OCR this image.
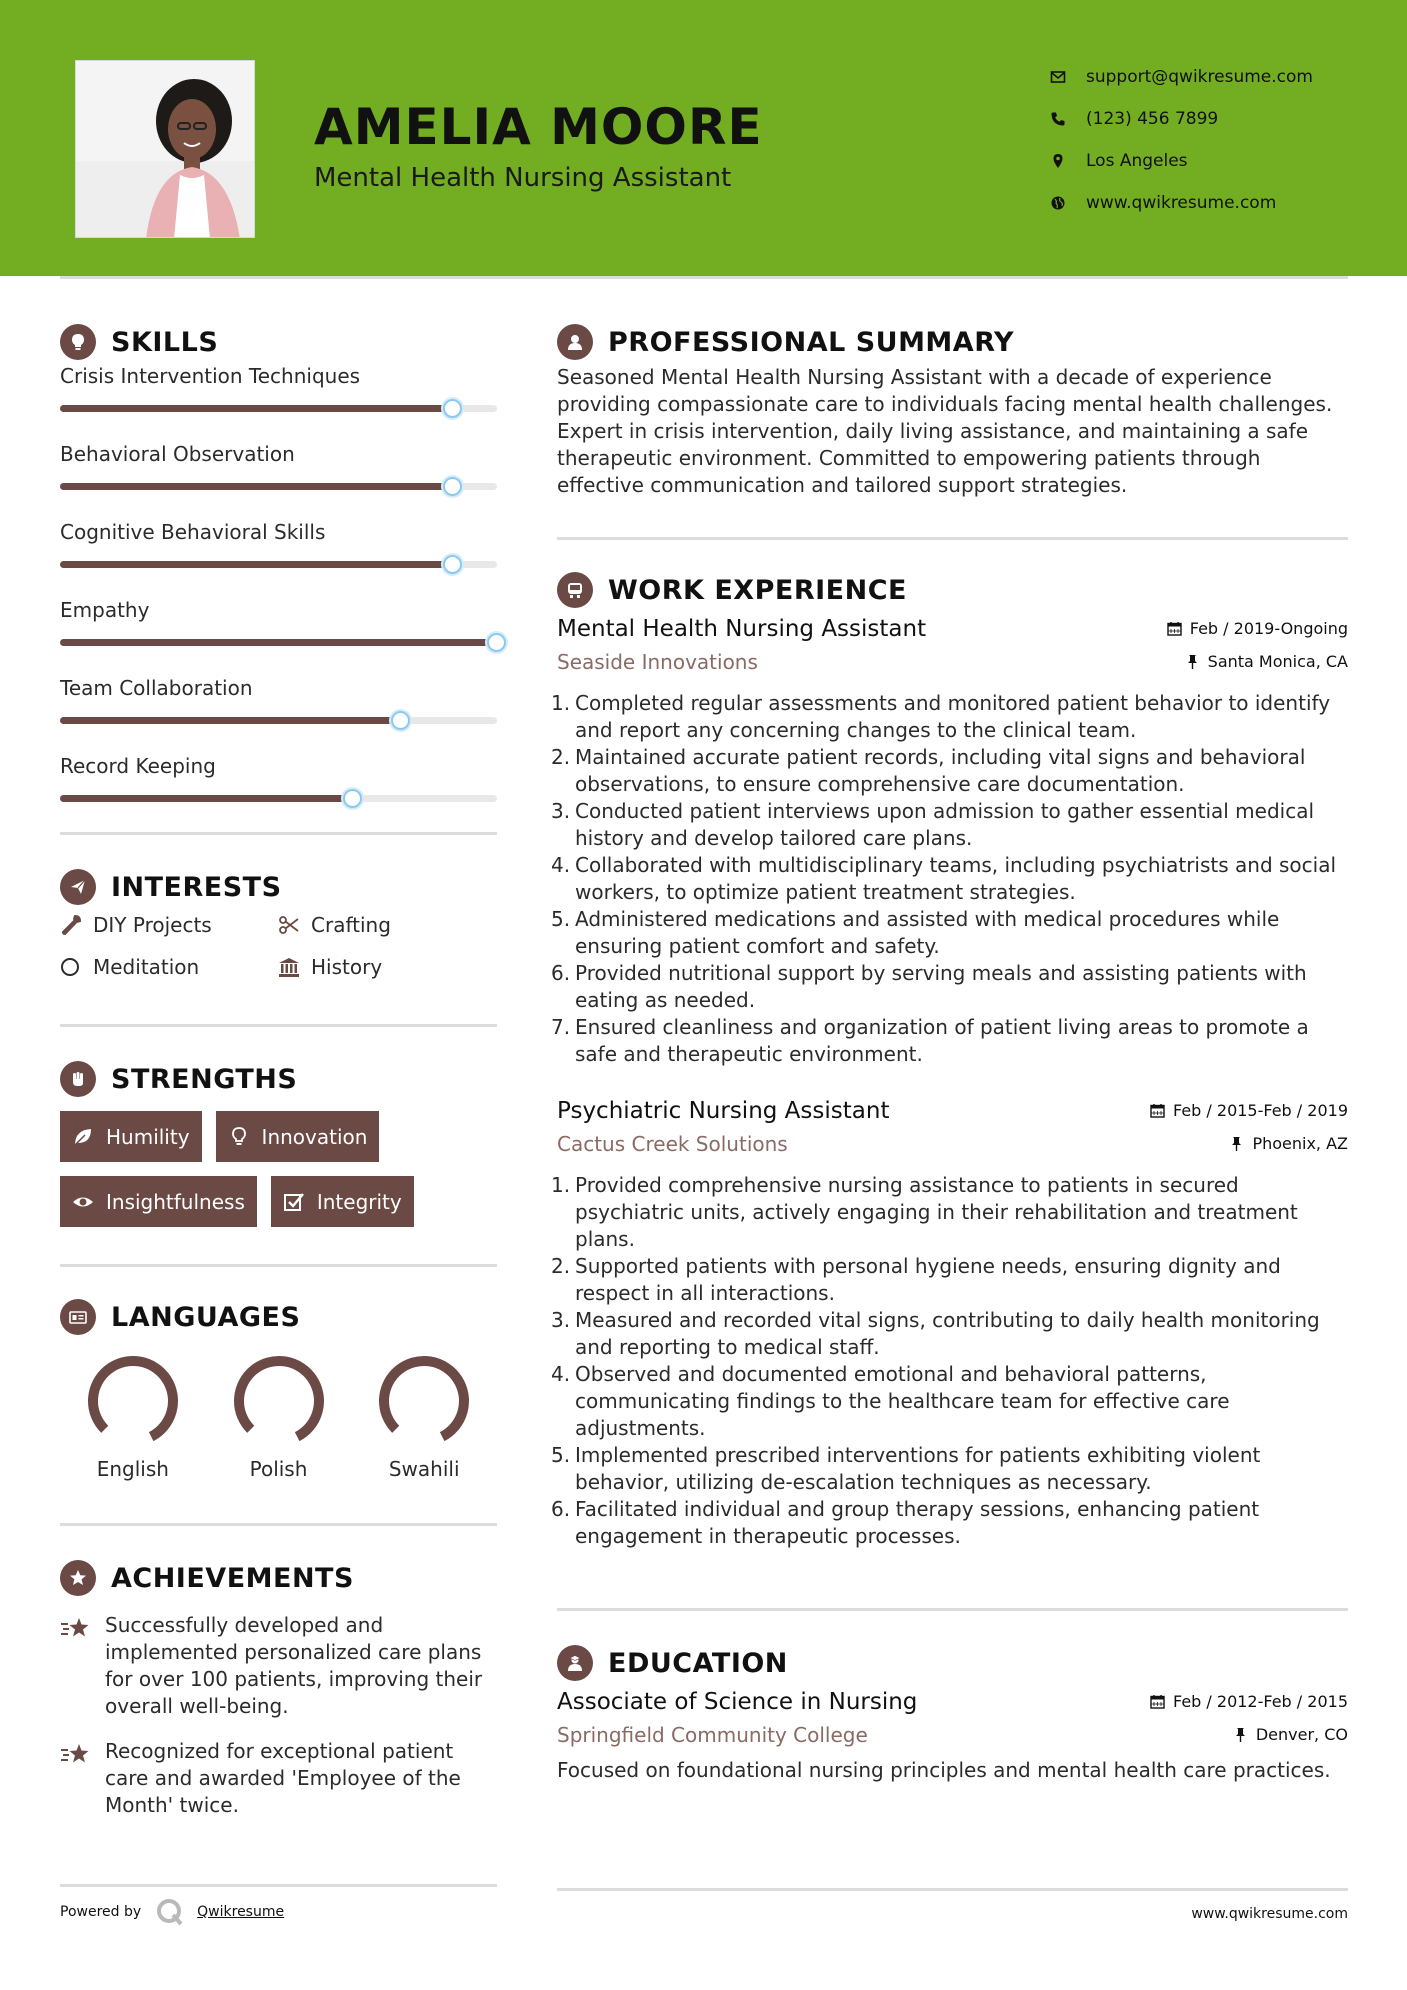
AMELIA MOORE
Mental Health Nursing Assistant
support@qwikresume.com
(123) 456 7899
Los Angeles
www.qwikresume.com
SKILLS
Crisis Intervention Techniques
Behavioral Observation
Cognitive Behavioral Skills
Empathy
Team Collaboration
Record Keeping
INTERESTS
DIY Projects	Crafting
Meditation	History
STRENGTHS
Humility	Innovation
Insightfulness	Integrity
LANGUAGES
English	Polish	Swahili
ACHIEVEMENTS
Successfully developed and implemented personalized care plans for over 100 patients, improving their overall well-being.
Recognized for exceptional patient care and awarded 'Employee of the Month' twice.
Powered by	Qwikresume
PROFESSIONAL SUMMARY
Seasoned Mental Health Nursing Assistant with a decade of experience providing compassionate care to individuals facing mental health challenges. Expert in crisis intervention, daily living assistance, and maintaining a safe therapeutic environment. Committed to empowering patients through effective communication and tailored support strategies.
WORK EXPERIENCE
Mental Health Nursing Assistant	Feb / 2019-Ongoing
Seaside Innovations	Santa Monica, CA
1. Completed regular assessments and monitored patient behavior to identify and report any concerning changes to the clinical team.
2. Maintained accurate patient records, including vital signs and behavioral observations, to ensure comprehensive care documentation.
3. Conducted patient interviews upon admission to gather essential medical history and develop tailored care plans.
4. Collaborated with multidisciplinary teams, including psychiatrists and social workers, to optimize patient treatment strategies.
5. Administered medications and assisted with medical procedures while ensuring patient comfort and safety.
6. Provided nutritional support by serving meals and assisting patients with eating as needed.
7. Ensured cleanliness and organization of patient living areas to promote a safe and therapeutic environment.
Psychiatric Nursing Assistant	Feb / 2015-Feb / 2019
Cactus Creek Solutions	Phoenix, AZ
1. Provided comprehensive nursing assistance to patients in secured psychiatric units, actively engaging in their rehabilitation and treatment plans.
2. Supported patients with personal hygiene needs, ensuring dignity and respect in all interactions.
3. Measured and recorded vital signs, contributing to daily health monitoring and reporting to medical staff.
4. Observed and documented emotional and behavioral patterns, communicating findings to the healthcare team for effective care adjustments.
5. Implemented prescribed interventions for patients exhibiting violent behavior, utilizing de-escalation techniques as necessary.
6. Facilitated individual and group therapy sessions, enhancing patient engagement in therapeutic processes.
EDUCATION
Associate of Science in Nursing	Feb / 2012-Feb / 2015
Springfield Community College	Denver, CO
Focused on foundational nursing principles and mental health care practices.
www.qwikresume.com
